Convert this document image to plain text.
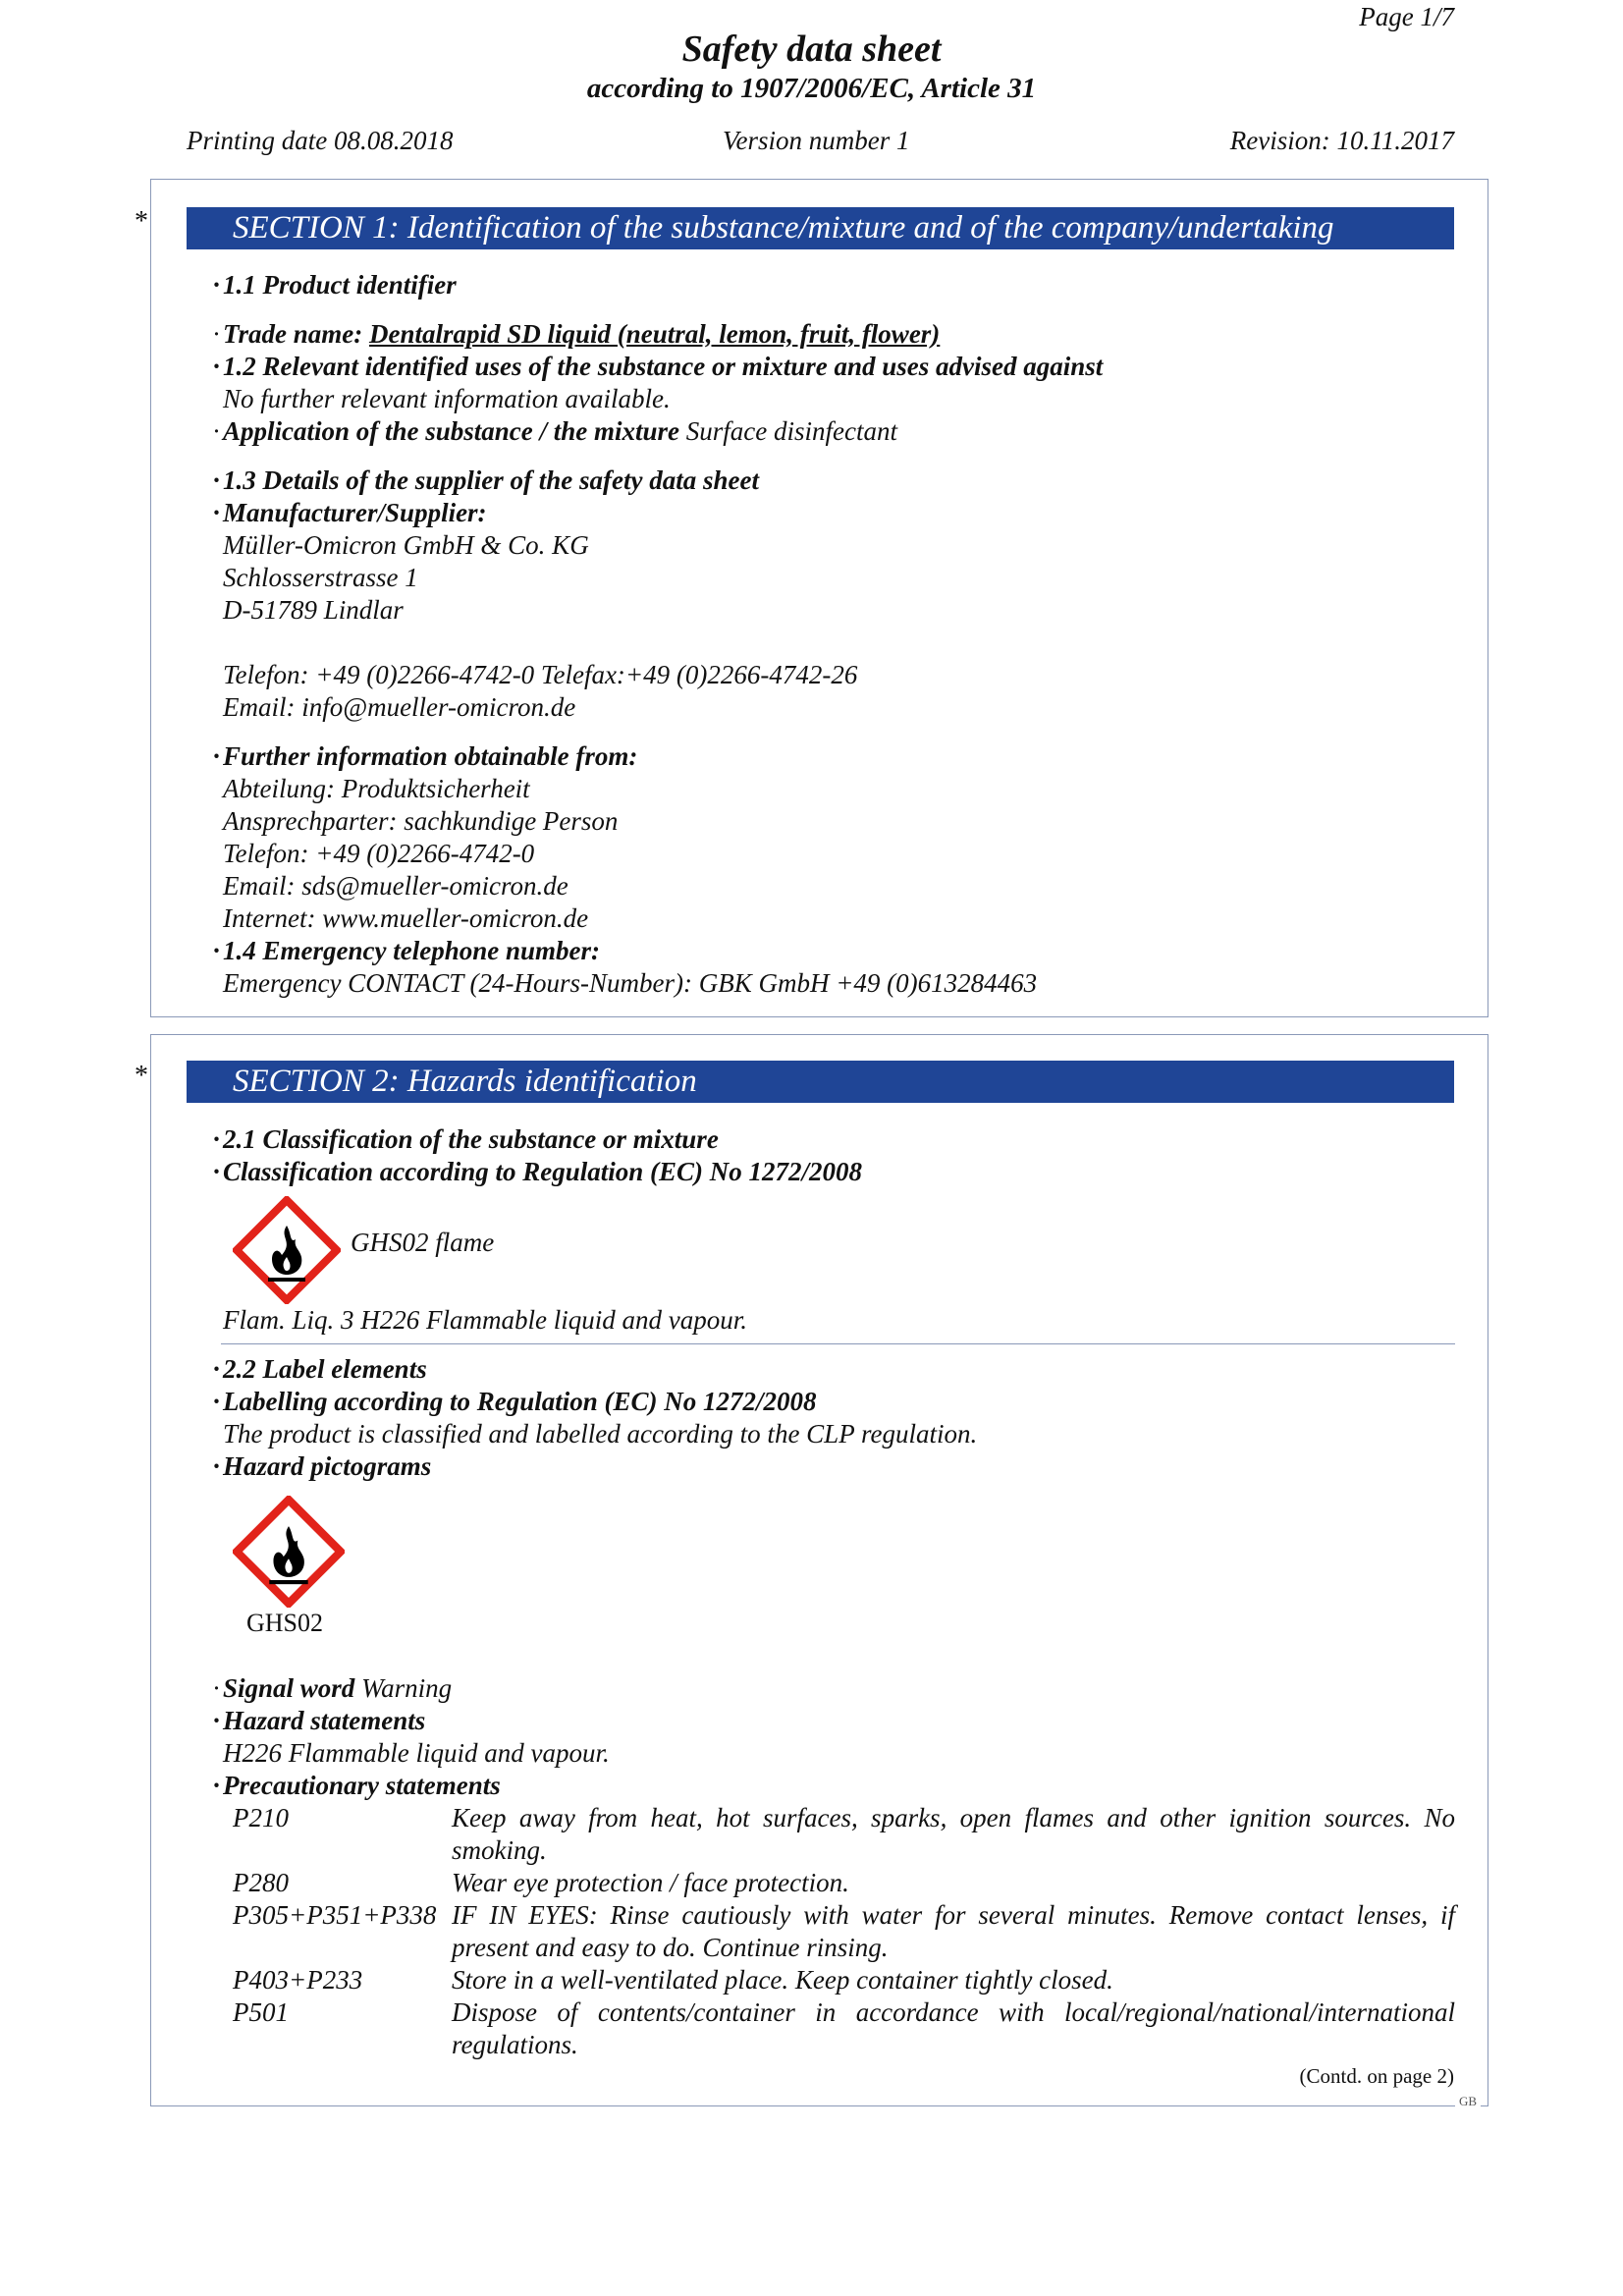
Page 1/7
Safety data sheet
according to 1907/2006/EC, Article 31
Printing date 08.08.2018	Version number 1	Revision: 10.11.2017
*	SECTION 1: Identification of the substance/mixture and of the company/undertaking
·1.1 Product identifier
·Trade name: Dentalrapid SD liquid (neutral, lemon, fruit, flower)
·1.2 Relevant identified uses of the substance or mixture and uses advised against
No further relevant information available.
·Application of the substance / the mixture Surface disinfectant
·1.3 Details of the supplier of the safety data sheet
·Manufacturer/Supplier:
Müller-Omicron GmbH & Co. KG
Schlosserstrasse 1
D-51789 Lindlar
Telefon: +49 (0)2266-4742-0 Telefax:+49 (0)2266-4742-26
Email: info@mueller-omicron.de
·Further information obtainable from:
Abteilung: Produktsicherheit
Ansprechparter: sachkundige Person
Telefon: +49 (0)2266-4742-0
Email: sds@mueller-omicron.de
Internet: www.mueller-omicron.de
·1.4 Emergency telephone number:
Emergency CONTACT (24-Hours-Number): GBK GmbH +49 (0)613284463
*	SECTION 2: Hazards identification
·2.1 Classification of the substance or mixture
·Classification according to Regulation (EC) No 1272/2008
GHS02 flame
Flam. Liq. 3 H226 Flammable liquid and vapour.
·2.2 Label elements
·Labelling according to Regulation (EC) No 1272/2008
The product is classified and labelled according to the CLP regulation.
·Hazard pictograms
GHS02
·Signal word Warning
·Hazard statements
H226 Flammable liquid and vapour.
·Precautionary statements
P210	Keep away from heat, hot surfaces, sparks, open flames and other ignition sources. No smoking.
P280	Wear eye protection / face protection.
P305+P351+P338 IF IN EYES: Rinse cautiously with water for several minutes. Remove contact lenses, if present and easy to do. Continue rinsing.
P403+P233	Store in a well-ventilated place. Keep container tightly closed.
P501	Dispose of contents/container in accordance with local/regional/national/international regulations.
(Contd. on page 2)
GB
